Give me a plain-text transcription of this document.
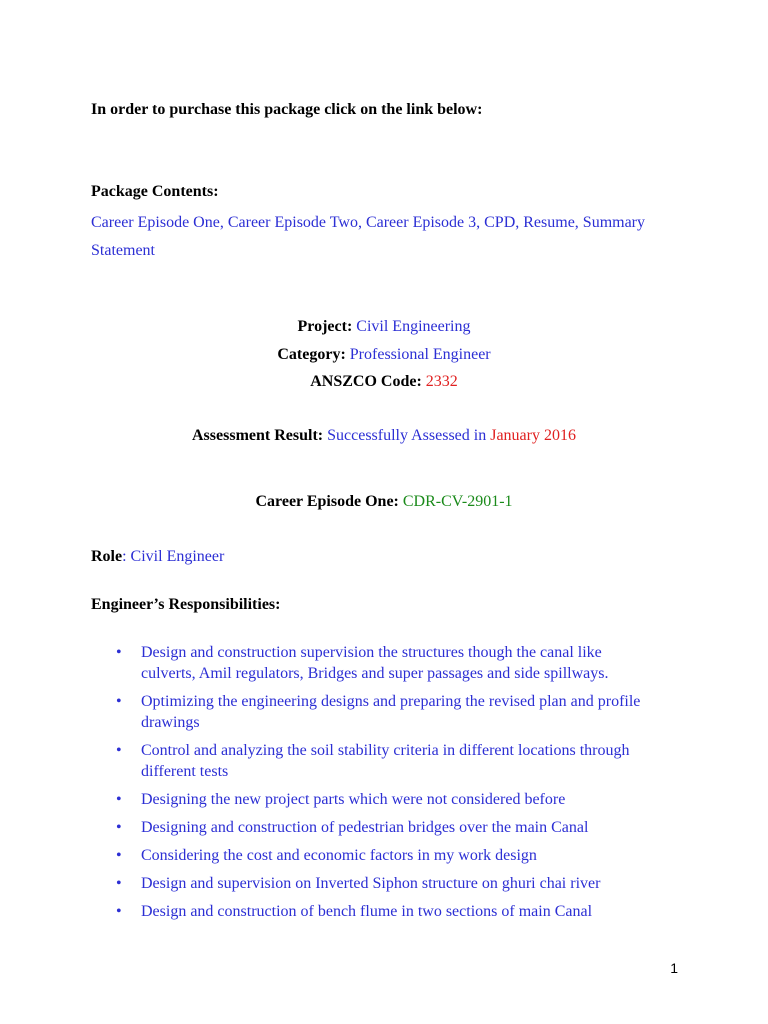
In order to purchase this package click on the link below:
Package Contents:
Career Episode One, Career Episode Two, Career Episode 3, CPD, Resume, Summary Statement
Project: Civil Engineering
Category: Professional Engineer
ANSZCO Code: 2332
Assessment Result: Successfully Assessed in January 2016
Career Episode One: CDR-CV-2901-1
Role: Civil Engineer
Engineer’s Responsibilities:
• Design and construction supervision the structures though the canal like culverts, Amil regulators, Bridges and super passages and side spillways.
• Optimizing the engineering designs and preparing the revised plan and profile drawings
• Control and analyzing the soil stability criteria in different locations through different tests
• Designing the new project parts which were not considered before
• Designing and construction of pedestrian bridges over the main Canal
• Considering the cost and economic factors in my work design
• Design and supervision on Inverted Siphon structure on ghuri chai river
• Design and construction of bench flume in two sections of main Canal
1
